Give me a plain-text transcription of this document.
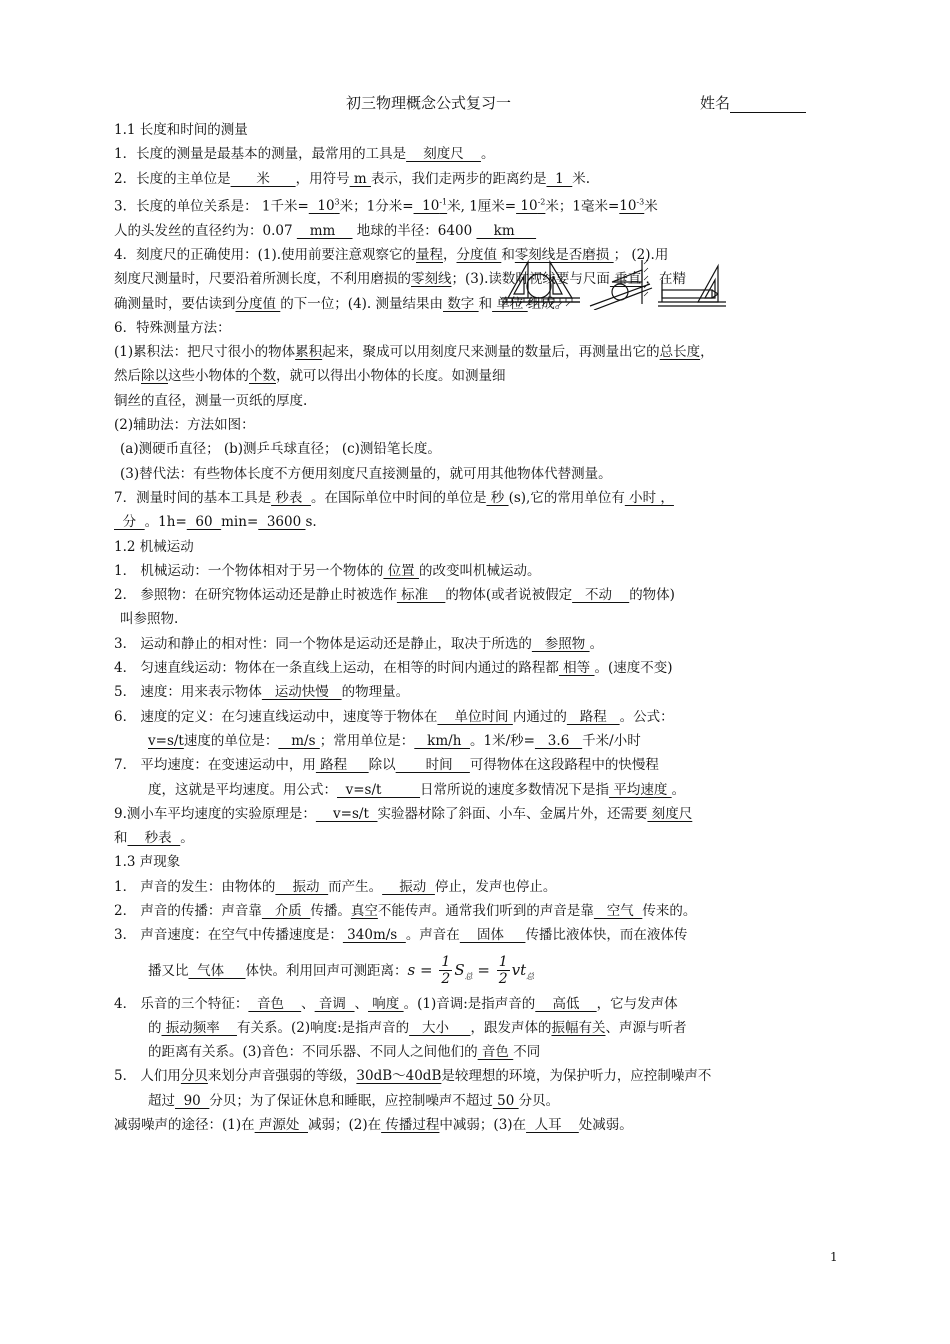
初三物理概念公式复习一	姓名
1.1 长度和时间的测量
1．长度的测量是最基本的测量，最常用的工具是    刻度尺    。
2．长度的主单位是      米      ，用符号 m 表示，我们走两步的距离约是  1  米.
3．长度的单位关系是： 1千米=  $10^3$米；1分米=  $10^{-1}$米, 1厘米= $10^{-2}$米；1毫米$=10^{-3}$米
人的头发丝的直径约为：0.07    mm     地球的半径：6400     km
4．刻度尺的正确使用：(1).使用前要注意观察它的量程，分度值 和零刻线是否磨损 ； (2).用
刻度尺测量时，尺要沿着所测长度，不利用磨损的零刻线；(3).读数时视线要与尺面 垂直 ，在精
确测量时，要估读到分度值 的下一位；(4). 测量结果由 数字 和 单位 组成。
6．特殊测量方法：
(1)累积法：把尺寸很小的物体累积起来，聚成可以用刻度尺来测量的数量后，再测量出它的总长度，
然后除以这些小物体的个数，就可以得出小物体的长度。如测量细
铜丝的直径，测量一页纸的厚度.
(2)辅助法：方法如图：
(a)测硬币直径； (b)测乒乓球直径； (c)测铅笔长度。
(3)替代法：有些物体长度不方便用刻度尺直接测量的，就可用其他物体代替测量。
7．测量时间的基本工具是 秒表  。在国际单位中时间的单位是 秒 (s),它的常用单位有 小时 ，
分  。1h=  60  min=  3600 s.
1.2 机械运动
1． 机械运动：一个物体相对于另一个物体的 位置 的改变叫机械运动。
2． 参照物：在研究物体运动还是静止时被选作 标准    的物体(或者说被假定   不动    的物体)
叫参照物.
3． 运动和静止的相对性：同一个物体是运动还是静止，取决于所选的   参照物 。
4． 匀速直线运动：物体在一条直线上运动，在相等的时间内通过的路程都 相等 。(速度不变)
5． 速度：用来表示物体   运动快慢   的物理量。
6． 速度的定义：在匀速直线运动中，速度等于物体在    单位时间 内通过的   路程   。公式：
v=s/t速度的单位是：   m/s ；常用单位是：   km/h  。1米/秒=   3.6   千米/小时
7． 平均速度：在变速运动中，用 路程     除以       时间    可得物体在这段路程中的快慢程
度，这就是平均速度。用公式：  v=s/t         日常所说的速度多数情况下是指 平均速度 。
9.测小车平均速度的实验原理是：    v=s/t  实验器材除了斜面、小车、金属片外，还需要 刻度尺
和    秒表  。
1.3 声现象
1． 声音的发生：由物体的    振动  而产生。    振动  停止，发声也停止。
2． 声音的传播：声音靠   介质  传播。真空不能传声。通常我们听到的声音是靠   空气  传来的。
3． 声音速度：在空气中传播速度是： 340m/s  。声音在    固体     传播比液体快，而在液体传
播又比  气体     体快。利用回声可测距离：$s = \frac{1}{2} S_总 = \frac{1}{2} vt_总$
4． 乐音的三个特征：  音色    、 音调  、 响度 。(1)音调:是指声音的    高低    ，它与发声体
的 振动频率    有关系。(2)响度:是指声音的   大小     ，跟发声体的振幅有关、声源与听者
的距离有关系。(3)音色：不同乐器、不同人之间他们的 音色 不同
5． 人们用分贝来划分声音强弱的等级，30dB～40dB是较理想的环境，为保护听力，应控制噪声不
超过  90  分贝；为了保证休息和睡眠，应控制噪声不超过 50 分贝。
减弱噪声的途径：(1)在 声源处  减弱；(2)在 传播过程中减弱；(3)在  人耳    处减弱。
1
